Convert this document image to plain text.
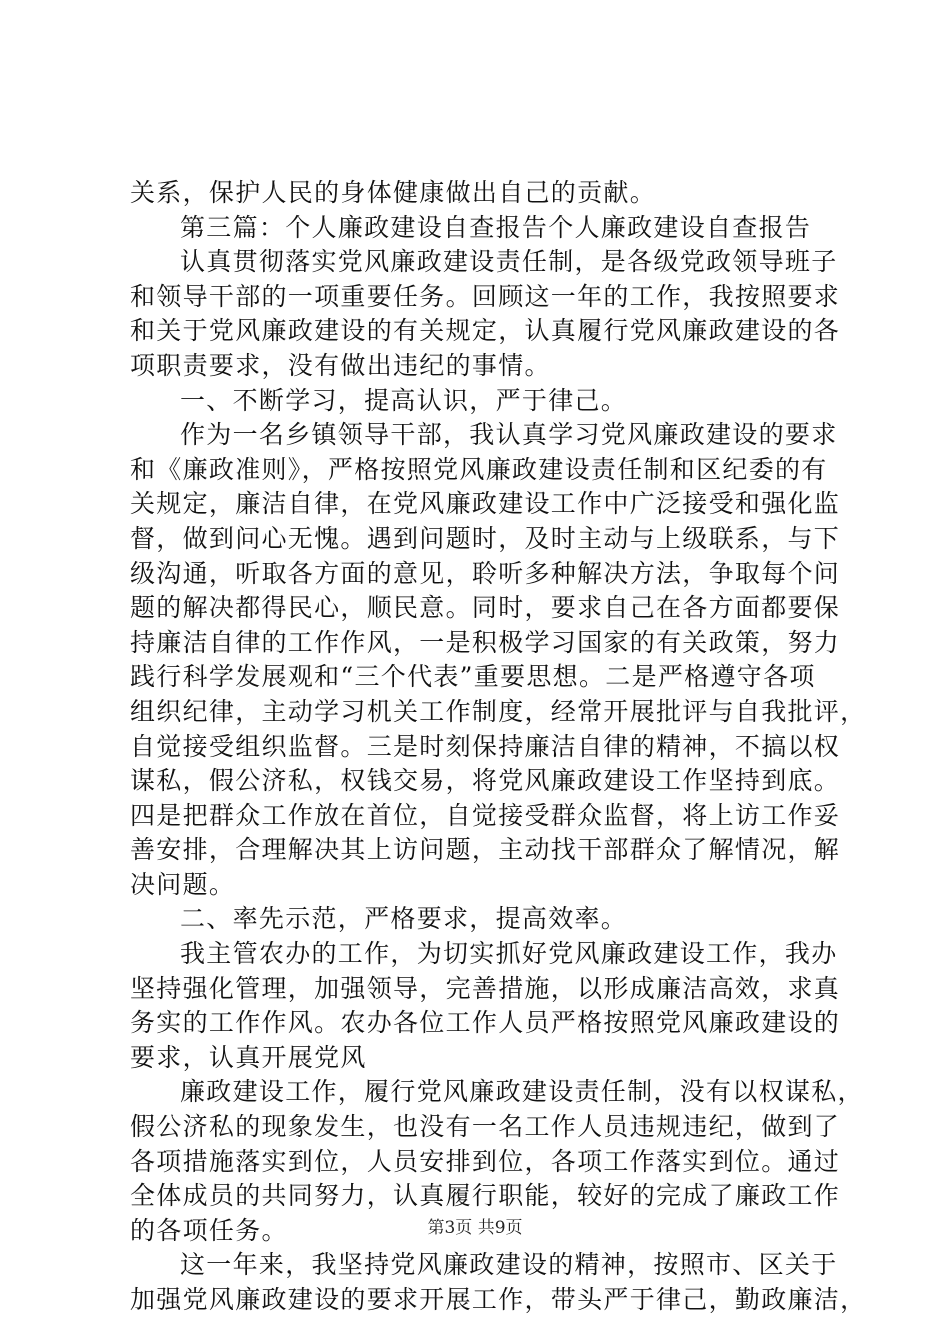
关系，保护人民的身体健康做出自己的贡献。
第三篇：个人廉政建设自查报告个人廉政建设自查报告
认真贯彻落实党风廉政建设责任制，是各级党政领导班子
和领导干部的一项重要任务。回顾这一年的工作，我按照要求
和关于党风廉政建设的有关规定，认真履行党风廉政建设的各
项职责要求，没有做出违纪的事情。
一、不断学习，提高认识，严于律己。
作为一名乡镇领导干部，我认真学习党风廉政建设的要求
和《廉政准则》，严格按照党风廉政建设责任制和区纪委的有
关规定，廉洁自律，在党风廉政建设工作中广泛接受和强化监
督，做到问心无愧。遇到问题时，及时主动与上级联系，与下
级沟通，听取各方面的意见，聆听多种解决方法，争取每个问
题的解决都得民心，顺民意。同时，要求自己在各方面都要保
持廉洁自律的工作作风，一是积极学习国家的有关政策，努力
践行科学发展观和“三个代表”重要思想。二是严格遵守各项
组织纪律，主动学习机关工作制度，经常开展批评与自我批评，
自觉接受组织监督。三是时刻保持廉洁自律的精神，不搞以权
谋私，假公济私，权钱交易，将党风廉政建设工作坚持到底。
四是把群众工作放在首位，自觉接受群众监督，将上访工作妥
善安排，合理解决其上访问题，主动找干部群众了解情况，解
决问题。
二、率先示范，严格要求，提高效率。
我主管农办的工作，为切实抓好党风廉政建设工作，我办
坚持强化管理，加强领导，完善措施，以形成廉洁高效，求真
务实的工作作风。农办各位工作人员严格按照党风廉政建设的
要求，认真开展党风
廉政建设工作，履行党风廉政建设责任制，没有以权谋私，
假公济私的现象发生，也没有一名工作人员违规违纪，做到了
各项措施落实到位，人员安排到位，各项工作落实到位。通过
全体成员的共同努力，认真履行职能，较好的完成了廉政工作
的各项任务。
这一年来，我坚持党风廉政建设的精神，按照市、区关于
加强党风廉政建设的要求开展工作，带头严于律己，勤政廉洁，
第3页 共9页
